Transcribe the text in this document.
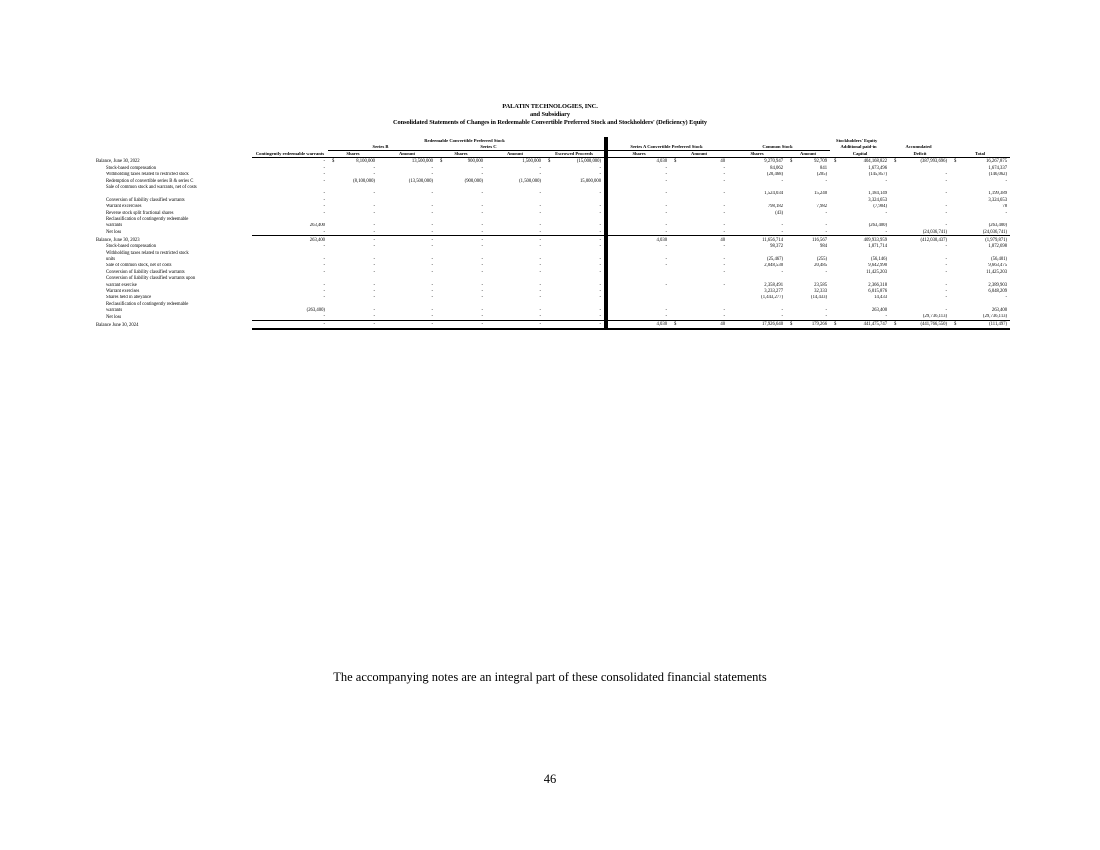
PALATIN TECHNOLOGIES, INC.
and Subsidiary
Consolidated Statements of Changes in Redeemable Convertible Preferred Stock and Stockholders' (Deficiency) Equity
		Redeemable Convertible Preferred Stock									Stockholders' Equity		
		Series B		Series C			Series A Convertible Preferred Stock		Common Stock		Additional paid-in	Accumulated	
	Contingently redeemable warrants	Shares	Amount	Shares	Amount	Escrowed Proceeds	Shares	Amount	Shares	Amount	Capital	Deficit	Total
Balance, June 30, 2022	-	$ 8,100,000	13,500,000	$ 900,000	1,500,000	$ (15,000,000)	4,030	$ 40	9,270,947	$ 92,709	$ 404,168,822	$ (387,993,696)	$ 16,267,875
Stock-based compensation	-	-	-	-	-	-	-	-	84,062	841	1,673,496		1,674,337
Withholding taxes related to restricted stock	-	-	-	-	-	-	-	-	(20,468)	(205)	(145,857)	-	(146,062)
Redemption of convertible series B & series C	-	(8,100,000)	(13,500,000)	(900,000)	(1,500,000)	15,000,000	-	-	-	-	-	-	-
Sale of common stock and warrants, net of costs													
	-	-	-	-	-	-	-	-	1,524,034	15,240	1,184,149	-	1,199,389
Conversion of liability classified warrants	-										3,324,653		3,324,653
Warrant excercises	-	-	-	-	-	-	-	-	798,182	7,982	(7,904)	-	78
Reverse stock split fractional shares	-	-	-	-	-	-	-	-	(43)	-	-	-	-
Reclassification of contingently redeemable													
warrants	263,400	-	-	-	-	-	-	-	-	-	(263,400)	-	(263,400)
Net loss	-	-	-	-	-	-	-	-	-	-	-	(24,036,741)	(24,036,741)
Balance, June 30, 2023	263,400	-	-	-	-	-	4,030	40	11,656,714	116,567	409,933,959	(412,030,437)	(1,979,871)
Stock-based compensation	-	-	-	-	-	-	-	-	98,372	984	1,871,714	-	1,872,698
Withholding taxes related to restricted stock													
units	-	-	-	-	-	-	-	-	(25,467)	(255)	(56,146)	-	(56,401)
Sale of common stock, net of costs	-	-	-	-	-	-	-	-	2,048,530	20,485	9,642,990	-	9,663,475
Conversion of liability classified warrants	-	-	-	-	-	-		-	-	-	11,425,203	-	11,425,203
Conversion of liability classified warrants upon													
warrant exercise	-	-	-	-	-	-	-	-	2,358,491	23,585	2,366,318	-	2,389,903
Warrant exercises	-	-	-	-	-	-			3,233,277	32,333	6,015,876	-	6,048,209
Shares held in abeyance	-	-	-	-	-	-			(1,443,277)	(14,433)	14,433	-	-
Reclassification of contingently redeemable													
warrants	(263,400)	-	-	-	-	-	-	-	-	-	263,400	-	263,400
Net loss	-	-	-	-	-	-	-	-	-	-	-	(29,736,113)	(29,736,113)
Balance June 30, 2024	-	-	-	-	-	-	4,030	$ 40	17,926,640	$ 179,266	$ 441,475,747	$ (441,766,550)	$ (111,497)
The accompanying notes are an integral part of these consolidated financial statements
46
